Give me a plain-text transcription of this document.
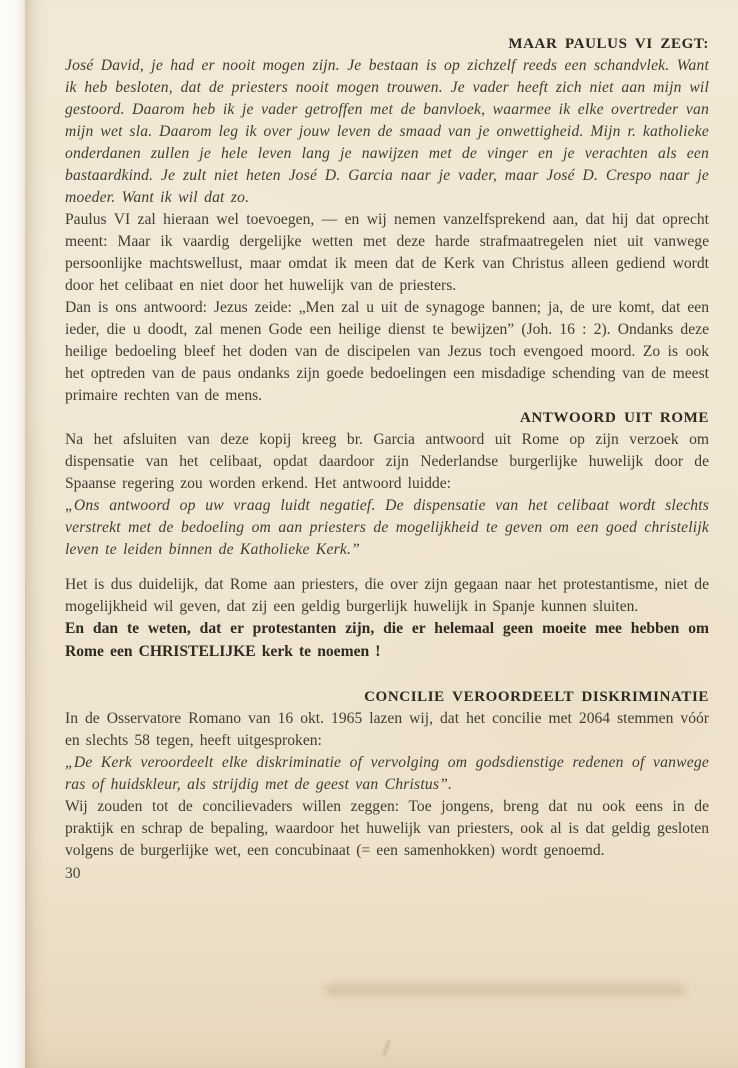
MAAR PAULUS VI ZEGT:

José David, je had er nooit mogen zijn. Je bestaan is op zichzelf reeds een schandvlek. Want ik heb besloten, dat de priesters nooit mogen trouwen. Je vader heeft zich niet aan mijn wil gestoord. Daarom heb ik je vader getroffen met de banvloek, waarmee ik elke overtreder van mijn wet sla. Daarom leg ik over jouw leven de smaad van je onwettigheid. Mijn r. katholieke onderdanen zullen je hele leven lang je nawijzen met de vinger en je verachten als een bastaardkind. Je zult niet heten José D. Garcia naar je vader, maar José D. Crespo naar je moeder. Want ik wil dat zo.

Paulus VI zal hieraan wel toevoegen, — en wij nemen vanzelfsprekend aan, dat hij dat oprecht meent: Maar ik vaardig dergelijke wetten met deze harde strafmaatregelen niet uit vanwege persoonlijke machtswellust, maar omdat ik meen dat de Kerk van Christus alleen gediend wordt door het celibaat en niet door het huwelijk van de priesters.

Dan is ons antwoord: Jezus zeide: „Men zal u uit de synagoge bannen; ja, de ure komt, dat een ieder, die u doodt, zal menen Gode een heilige dienst te bewijzen” (Joh. 16 : 2). Ondanks deze heilige bedoeling bleef het doden van de discipelen van Jezus toch evengoed moord. Zo is ook het optreden van de paus ondanks zijn goede bedoelingen een misdadige schending van de meest primaire rechten van de mens.

ANTWOORD UIT ROME

Na het afsluiten van deze kopij kreeg br. Garcia antwoord uit Rome op zijn verzoek om dispensatie van het celibaat, opdat daardoor zijn Nederlandse burgerlijke huwelijk door de Spaanse regering zou worden erkend. Het antwoord luidde:

„Ons antwoord op uw vraag luidt negatief. De dispensatie van het celibaat wordt slechts verstrekt met de bedoeling om aan priesters de mogelijkheid te geven om een goed christelijk leven te leiden binnen de Katholieke Kerk.”

Het is dus duidelijk, dat Rome aan priesters, die over zijn gegaan naar het protestantisme, niet de mogelijkheid wil geven, dat zij een geldig burgerlijk huwelijk in Spanje kunnen sluiten.

En dan te weten, dat er protestanten zijn, die er helemaal geen moeite mee hebben om Rome een CHRISTELIJKE kerk te noemen !

CONCILIE VEROORDEELT DISKRIMINATIE

In de Osservatore Romano van 16 okt. 1965 lazen wij, dat het concilie met 2064 stemmen vóór en slechts 58 tegen, heeft uitgesproken:

„De Kerk veroordeelt elke diskriminatie of vervolging om godsdienstige redenen of vanwege ras of huidskleur, als strijdig met de geest van Christus”.

Wij zouden tot de concilievaders willen zeggen: Toe jongens, breng dat nu ook eens in de praktijk en schrap de bepaling, waardoor het huwelijk van priesters, ook al is dat geldig gesloten volgens de burgerlijke wet, een concubinaat (= een samenhokken) wordt genoemd.

30
